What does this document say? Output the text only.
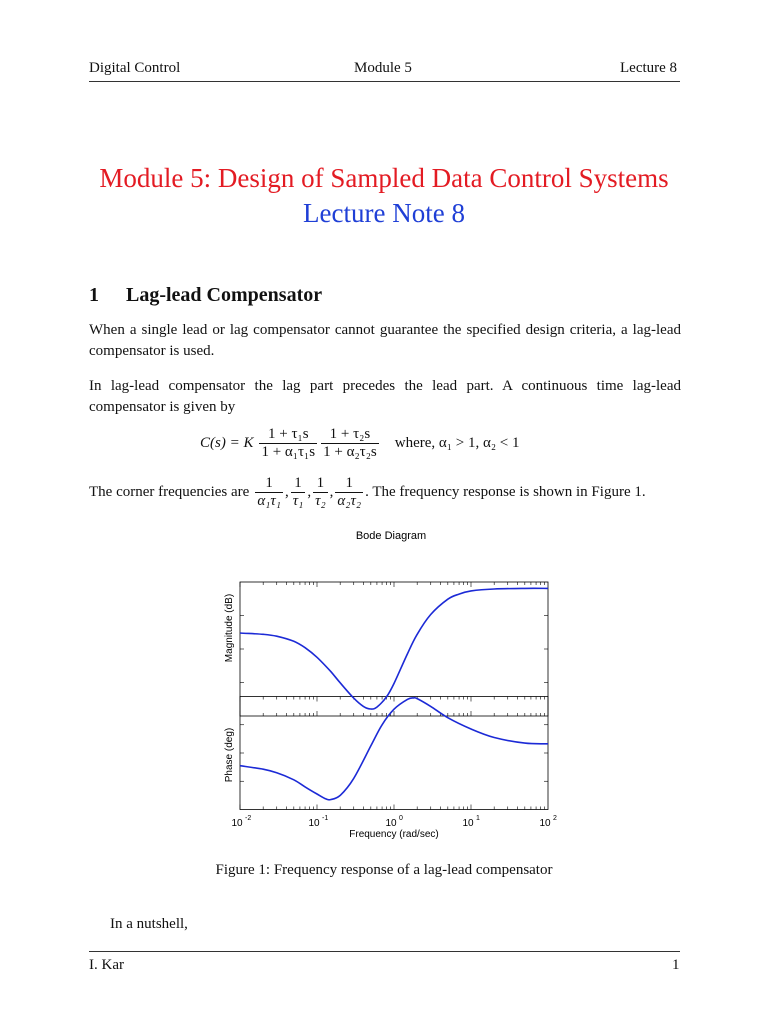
Digital Control	Module 5	Lecture 8
Module 5: Design of Sampled Data Control Systems
Lecture Note 8
1 Lag-lead Compensator
When a single lead or lag compensator cannot guarantee the specified design criteria, a lag-lead compensator is used.
In lag-lead compensator the lag part precedes the lead part. A continuous time lag-lead compensator is given by
C(s) = K $\frac{\text{1 + τ₁s}}{\text{1 + α₁τ₁s}} \frac{\text{1 + τ₂s}}{\text{1 + α₂τ₂s}}$ where, α₁ > 1, α₂ < 1
The corner frequencies are $\frac{1}{\text{α₁τ₁}}$ , $\frac{1}{\text{τ₁}}$ , $\frac{1}{\text{τ₂}}$ , $\frac{1}{\text{α₂τ₂}}$ . The frequency response is shown in Figure 1.
Bode Diagram
Magnitude (dB)
Phase (deg)
10 -2	10 -1	10 0	10 1	10 2
Frequency (rad/sec)
Figure 1: Frequency response of a lag-lead compensator
In a nutshell,
I. Kar	1
